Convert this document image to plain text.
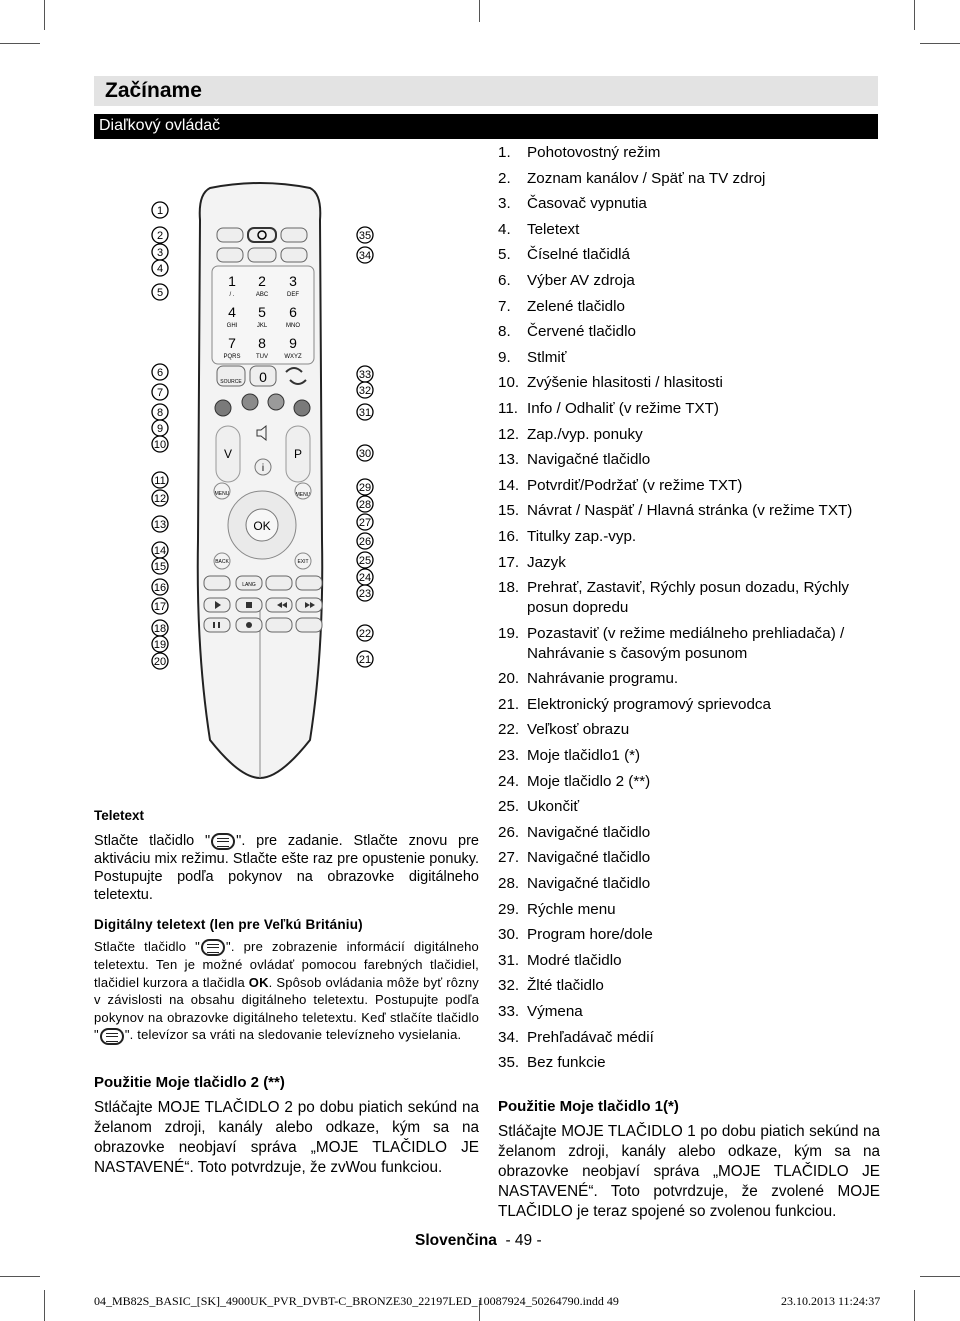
Začíname
Diaľkový ovládač
1
/ .
2
ABC
3
DEF
4
GHI
5
JKL
6
MNO
7
PQRS
8
TUV
9
WXYZ
SOURCE 0
V	P
i
MENU	MENU
OK
BACK	EXIT
LANG
1
2
3
4
5
6
7
8
9
10
11
12
13
14
15
16
17
18
19
20
35
34
33
32
31
30
29
28
27
26
25
24
23
22
21
1.	Pohotovostný režim
2.	Zoznam kanálov / Späť na TV zdroj
3.	Časovač vypnutia
4.	Teletext
5.	Číselné tlačidlá
6.	Výber AV zdroja
7.	Zelené tlačidlo
8.	Červené tlačidlo
9.	Stlmiť
10. Zvýšenie hlasitosti / hlasitosti
11. Info / Odhaliť (v režime TXT)
12. Zap./vyp. ponuky
13. Navigačné tlačidlo
14. Potvrdiť/Podržať (v režime TXT)
15. Návrat / Naspäť / Hlavná stránka (v režime TXT)
16. Titulky zap.-vyp.
17. Jazyk
18. Prehrať, Zastaviť, Rýchly posun dozadu, Rýchly posun dopredu
19. Pozastaviť (v režime mediálneho prehliadača) / Nahrávanie s časovým posunom
20. Nahrávanie programu.
21. Elektronický programový sprievodca
22. Veľkosť obrazu
23. Moje tlačidlo1 (*)
24. Moje tlačidlo 2 (**)
25. Ukončiť
26. Navigačné tlačidlo
27. Navigačné tlačidlo
28. Navigačné tlačidlo
29. Rýchle menu
30. Program hore/dole
31. Modré tlačidlo
32. Žlté tlačidlo
33. Výmena
34. Prehľadávač médií
35. Bez funkcie
Teletext
Stlačte tlačidlo " ". pre zadanie. Stlačte znovu pre aktiváciu mix režimu. Stlačte ešte raz pre opustenie ponuky. Postupujte podľa pokynov na obrazovke digitálneho teletextu.
Digitálny teletext (len pre Veľkú Britániu)
Stlačte tlačidlo " ". pre zobrazenie informácií digitálneho teletextu. Ten je možné ovládať pomocou farebných tlačidiel, tlačidiel kurzora a tlačidla OK. Spôsob ovládania môže byť rôzny v závislosti na obsahu digitálneho teletextu. Postupujte podľa pokynov na obrazovke digitálneho teletextu. Keď stlačíte tlačidlo " ". televízor sa vráti na sledovanie televízneho vysielania.
Použitie Moje tlačidlo 2 (**)
Stláčajte MOJE TLAČIDLO 2 po dobu piatich sekúnd na želanom zdroji, kanály alebo odkaze, kým sa na obrazovke neobjaví správa „MOJE TLAČIDLO JE NASTAVENÉ“. Toto potvrdzuje, že zvWou funkciou.
Použitie Moje tlačidlo 1(*)
Stláčajte MOJE TLAČIDLO 1 po dobu piatich sekúnd na želanom zdroji, kanály alebo odkaze, kým sa na obrazovke neobjaví správa „MOJE TLAČIDLO JE NASTAVENÉ“. Toto potvrdzuje, že zvolené MOJE TLAČIDLO je teraz spojené so zvolenou funkciou.
Slovenčina - 49 -
04_MB82S_BASIC_[SK]_4900UK_PVR_DVBT-C_BRONZE30_22197LED_10087924_50264790.indd 49	23.10.2013 11:24:37
